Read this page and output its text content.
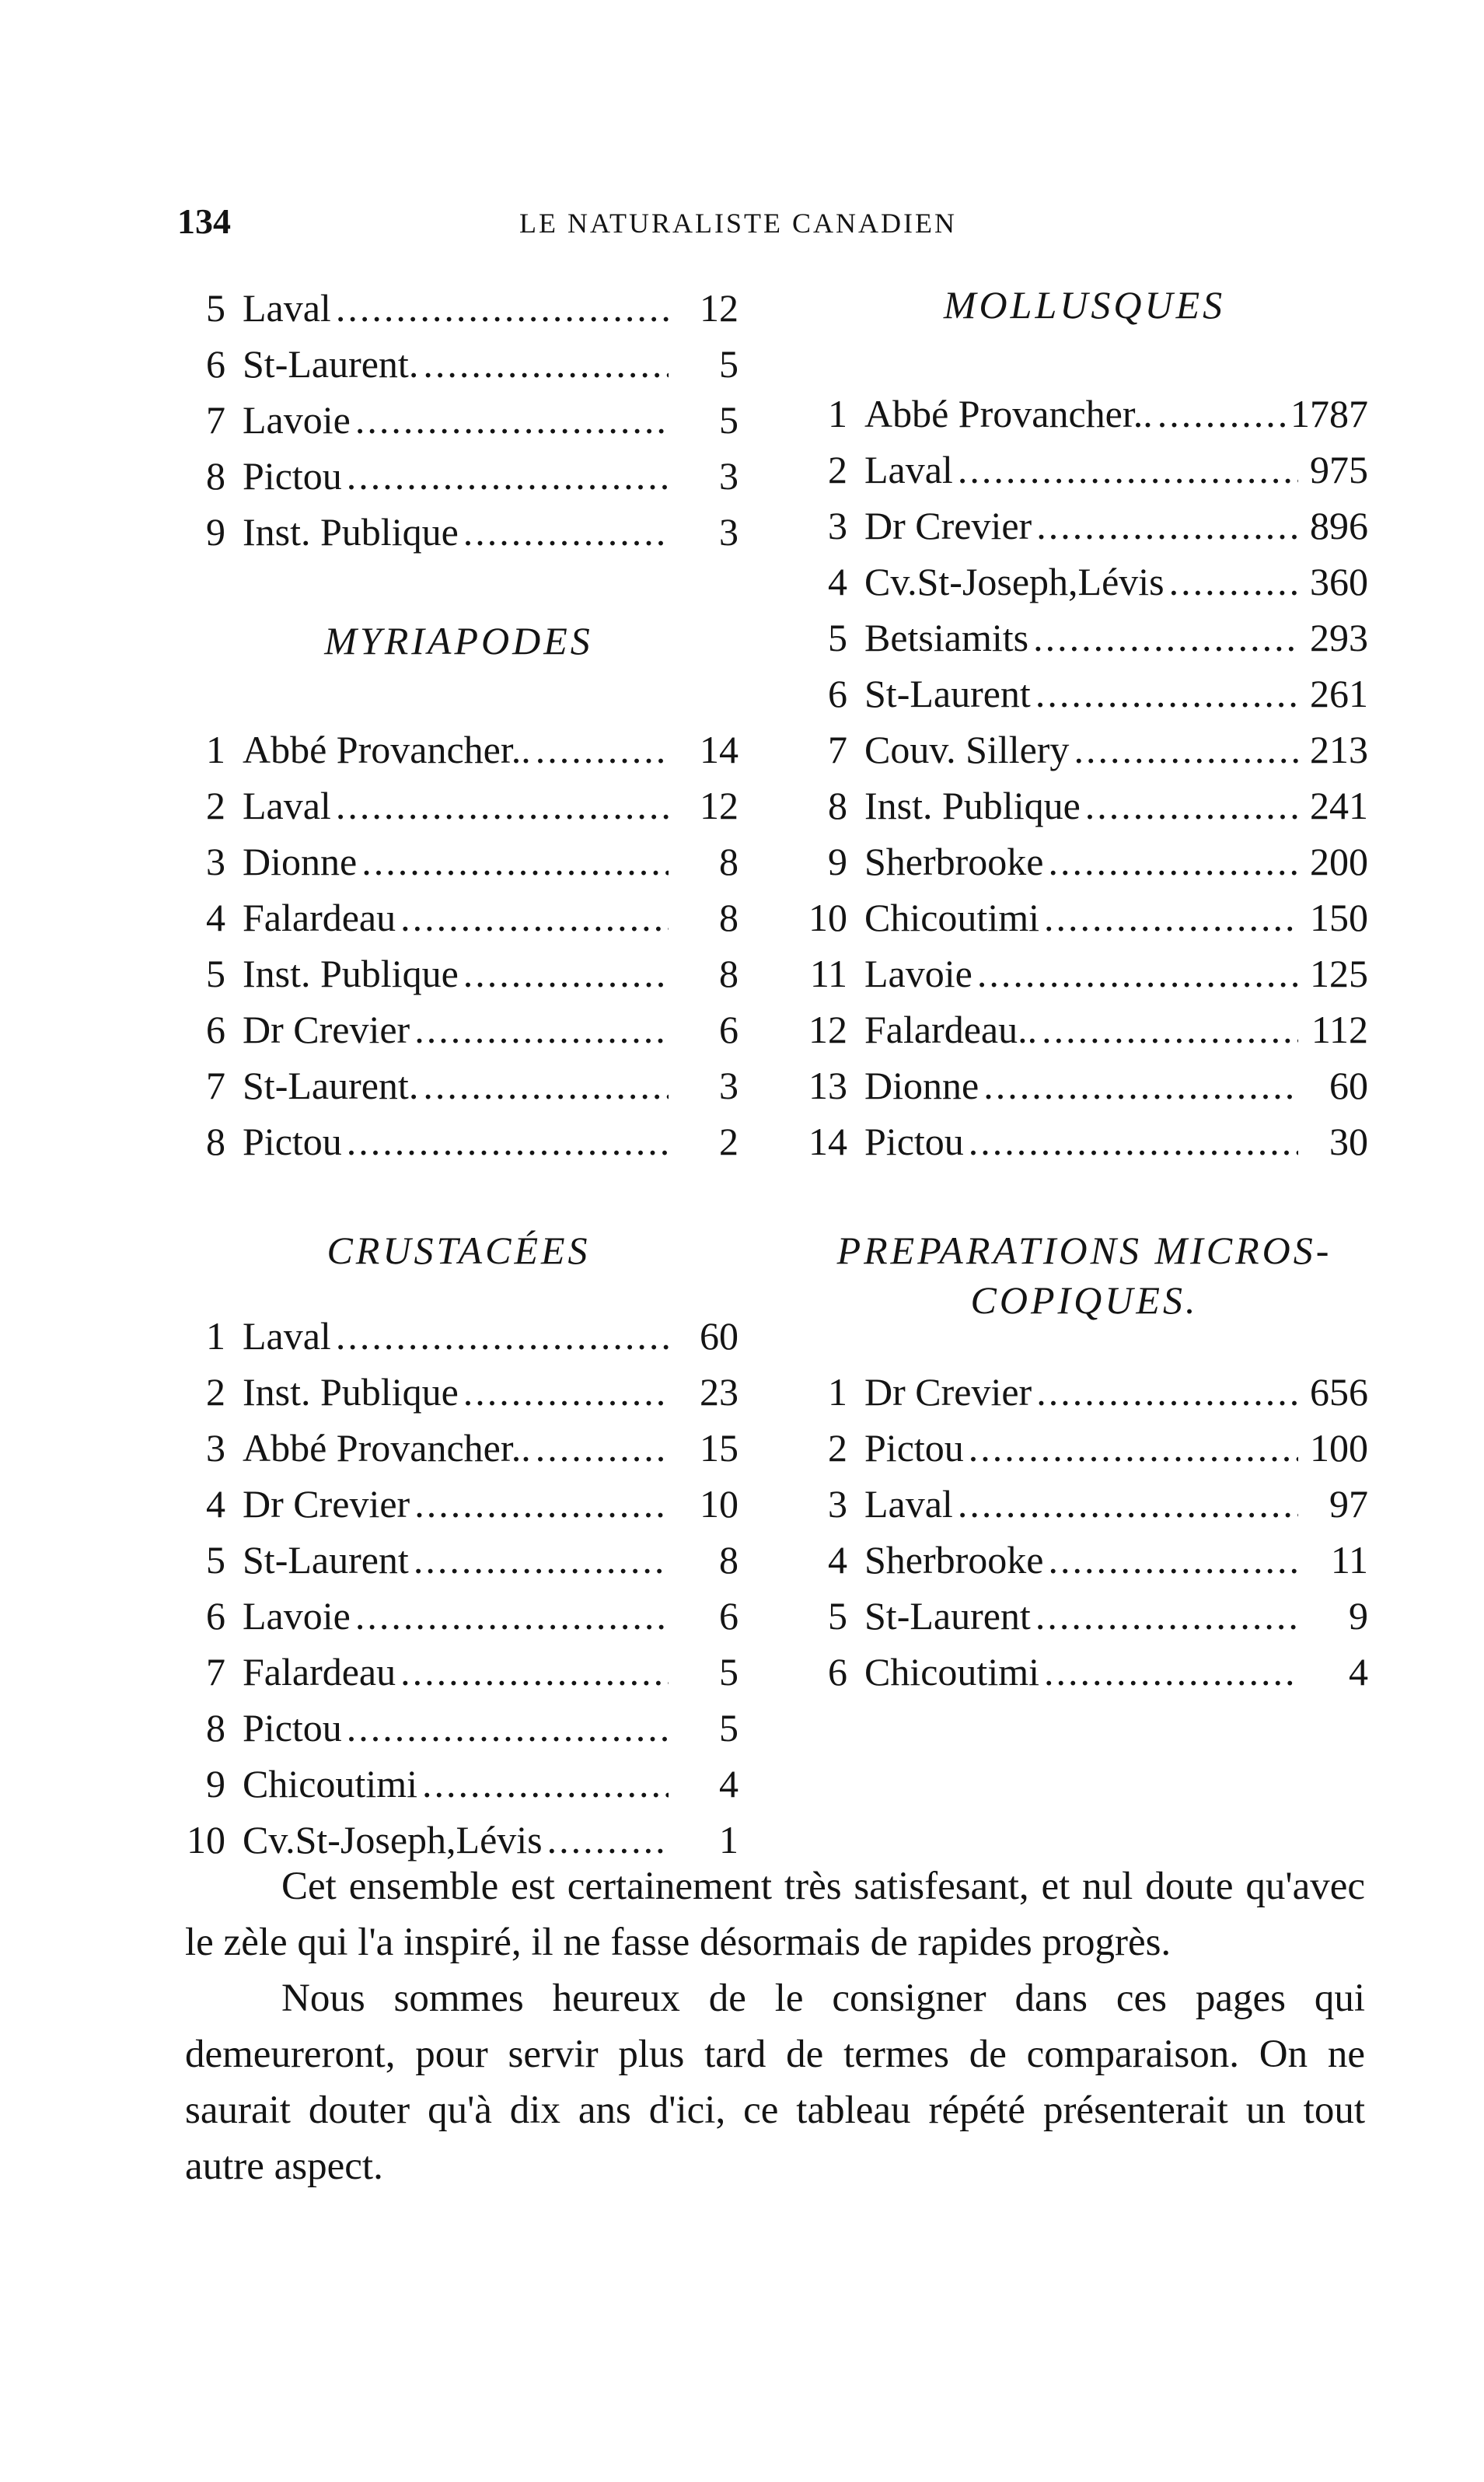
134	LE NATURALISTE CANADIEN
5 Laval .....	12
6 St-Laurent. .....	5
7 Lavoie .....	5
8 Pictou .....	3
9 Inst. Publique .....	3
MYRIAPODES
1 Abbé Provancher.. .....	14
2 Laval .....	12
3 Dionne .....	8
4 Falardeau .....	8
5 Inst. Publique .....	8
6 Dr Crevier .....	6
7 St-Laurent. .....	3
8 Pictou .....	2
CRUSTACÉES
1 Laval .....	60
2 Inst. Publique .....	23
3 Abbé Provancher.. .....	15
4 Dr Crevier .....	10
5 St-Laurent .....	8
6 Lavoie .....	6
7 Falardeau .....	5
8 Pictou .....	5
9 Chicoutimi .....	4
10 Cv.St-Joseph,Lévis .....	1
MOLLUSQUES
1 Abbé Provancher.. .....	1787
2 Laval .....	975
3 Dr Crevier .....	896
4 Cv.St-Joseph,Lévis .....	360
5 Betsiamits .....	293
6 St-Laurent .....	261
7 Couv. Sillery .....	213
8 Inst. Publique .....	241
9 Sherbrooke .....	200
10 Chicoutimi .....	150
11 Lavoie .....	125
12 Falardeau.. .....	112
13 Dionne .....	60
14 Pictou .....	30
PREPARATIONS MICROS-
COPIQUES.
1 Dr Crevier .....	656
2 Pictou .....	100
3 Laval .....	97
4 Sherbrooke .....	11
5 St-Laurent .....	9
6 Chicoutimi .....	4

Cet ensemble est certainement très satisfesant, et nul doute qu'avec le zèle qui l'a inspiré, il ne fasse désormais de rapides progrès.

Nous sommes heureux de le consigner dans ces pages qui demeureront, pour servir plus tard de termes de comparaison. On ne saurait douter qu'à dix ans d'ici, ce tableau répété présenterait un tout autre aspect.
